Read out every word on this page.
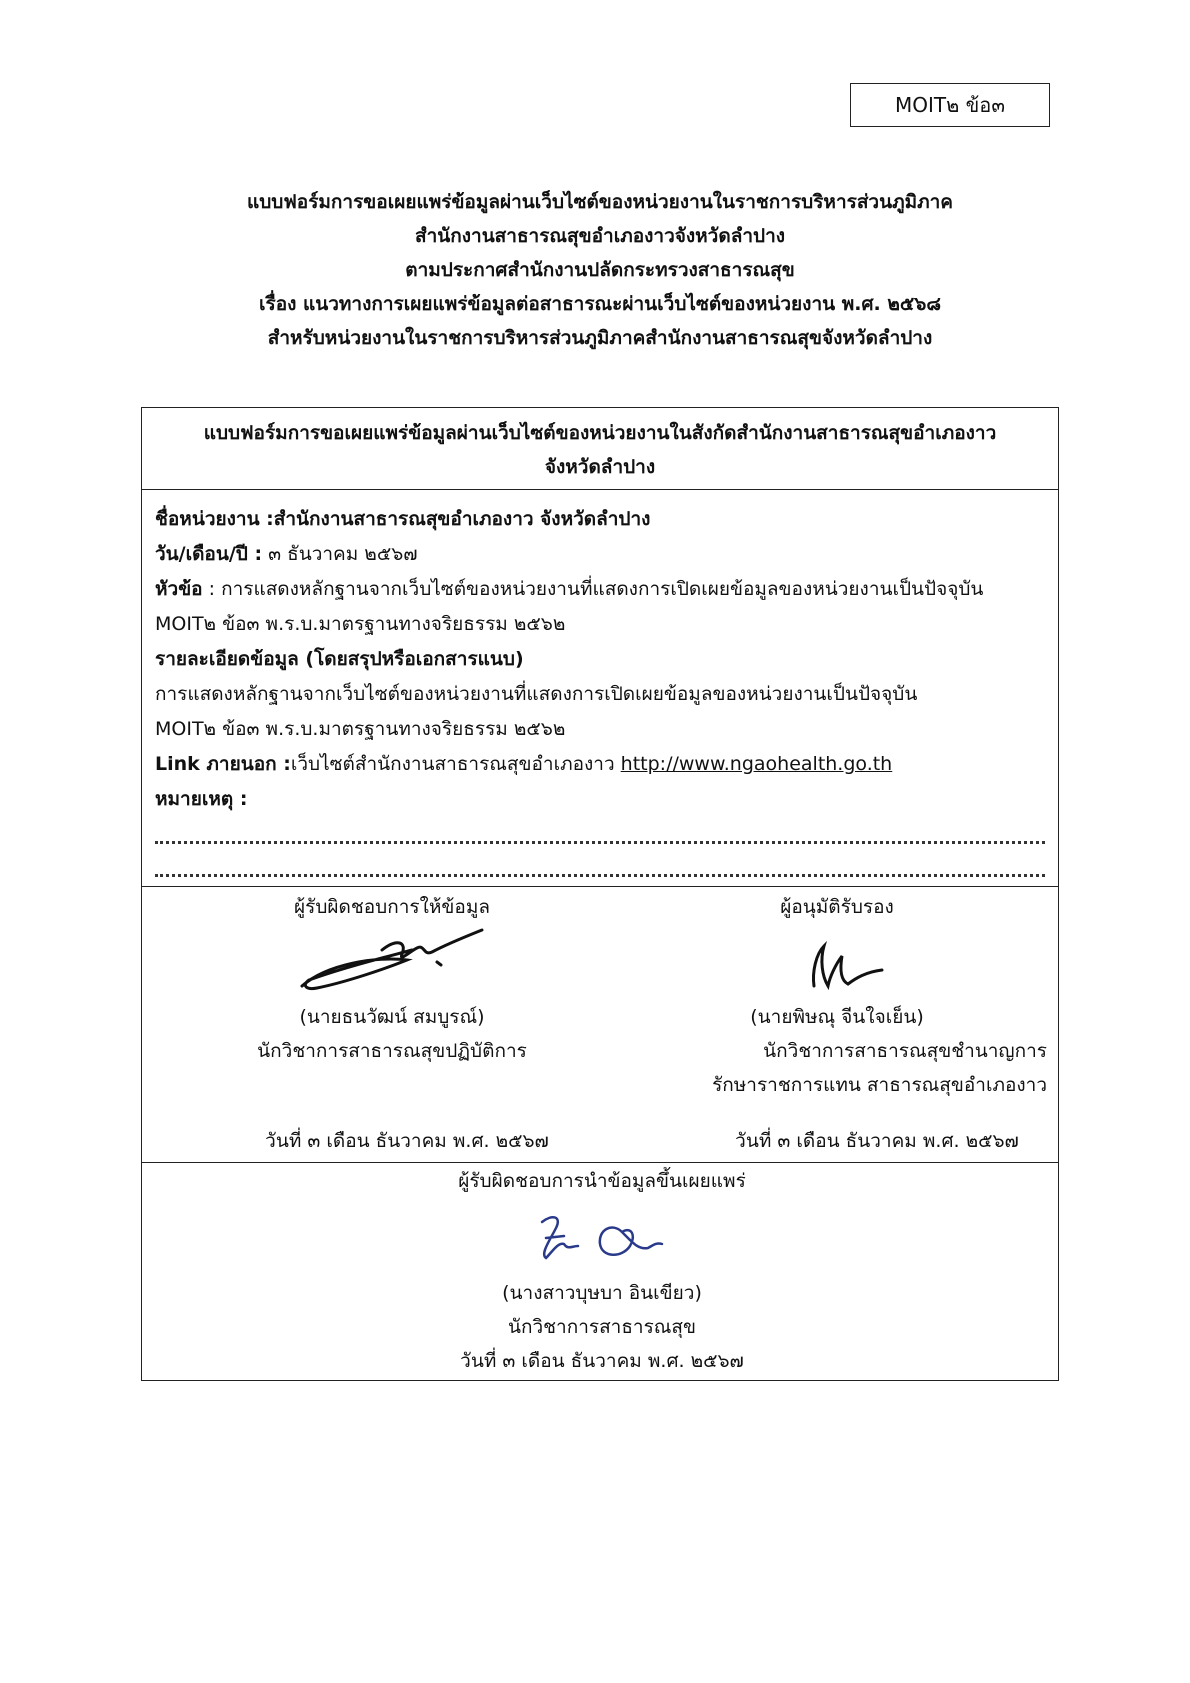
MOIT๒ ข้อ๓
แบบฟอร์มการขอเผยแพร่ข้อมูลผ่านเว็บไซต์ของหน่วยงานในราชการบริหารส่วนภูมิภาค
สำนักงานสาธารณสุขอำเภองาวจังหวัดลำปาง
ตามประกาศสำนักงานปลัดกระทรวงสาธารณสุข
เรื่อง แนวทางการเผยแพร่ข้อมูลต่อสาธารณะผ่านเว็บไซต์ของหน่วยงาน พ.ศ. ๒๕๖๘
สำหรับหน่วยงานในราชการบริหารส่วนภูมิภาคสำนักงานสาธารณสุขจังหวัดลำปาง
แบบฟอร์มการขอเผยแพร่ข้อมูลผ่านเว็บไซต์ของหน่วยงานในสังกัดสำนักงานสาธารณสุขอำเภองาว
จังหวัดลำปาง
ชื่อหน่วยงาน :สำนักงานสาธารณสุขอำเภองาว จังหวัดลำปาง
วัน/เดือน/ปี : ๓ ธันวาคม ๒๕๖๗
หัวข้อ : การแสดงหลักฐานจากเว็บไซต์ของหน่วยงานที่แสดงการเปิดเผยข้อมูลของหน่วยงานเป็นปัจจุบัน
MOIT๒ ข้อ๓ พ.ร.บ.มาตรฐานทางจริยธรรม ๒๕๖๒
รายละเอียดข้อมูล (โดยสรุปหรือเอกสารแนบ)
การแสดงหลักฐานจากเว็บไซต์ของหน่วยงานที่แสดงการเปิดเผยข้อมูลของหน่วยงานเป็นปัจจุบัน
MOIT๒ ข้อ๓ พ.ร.บ.มาตรฐานทางจริยธรรม ๒๕๖๒
Link ภายนอก :เว็บไซต์สำนักงานสาธารณสุขอำเภองาว http://www.ngaohealth.go.th
หมายเหตุ :
ผู้รับผิดชอบการให้ข้อมูล
(นายธนวัฒน์ สมบูรณ์)
นักวิชาการสาธารณสุขปฏิบัติการ
วันที่ ๓ เดือน ธันวาคม พ.ศ. ๒๕๖๗
ผู้อนุมัติรับรอง
(นายพิษณุ จีนใจเย็น)
นักวิชาการสาธารณสุขชำนาญการ
รักษาราชการแทน สาธารณสุขอำเภองาว
วันที่ ๓ เดือน ธันวาคม พ.ศ. ๒๕๖๗
ผู้รับผิดชอบการนำข้อมูลขึ้นเผยแพร่
(นางสาวบุษบา อินเขียว)
นักวิชาการสาธารณสุข
วันที่ ๓ เดือน ธันวาคม พ.ศ. ๒๕๖๗
